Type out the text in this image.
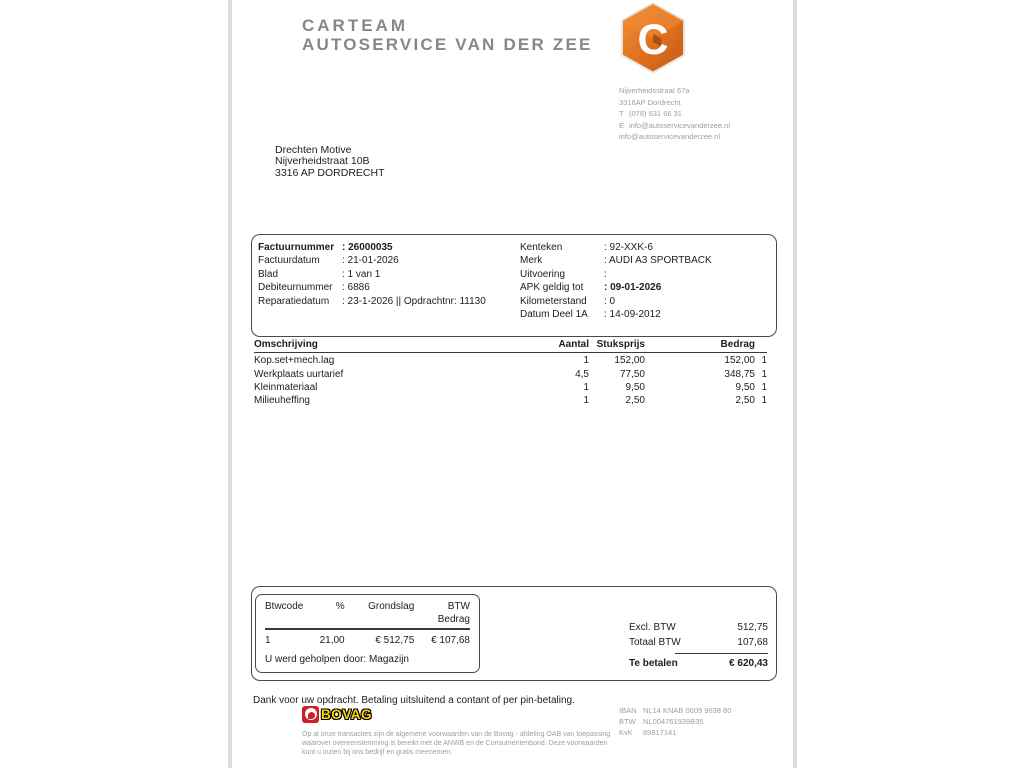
CARTEAM
AUTOSERVICE VAN DER ZEE C
Nijverheidsstraat 67a
3316AP Dordrecht
T (078) 631 66 31
E info@autoservicevanderzee.nl
info@autoservicevanderzee.nl
Drechten Motive
Nijverheidstraat 10B
3316 AP DORDRECHT
Factuurnummer : 26000035
Factuurdatum	: 21-01-2026
Blad	: 1 van 1
Debiteurnummer : 6886
Reparatiedatum	: 23-1-2026 || Opdrachtnr: 11130
Kenteken	: 92-XXK-6
Merk	: AUDI A3 SPORTBACK
Uitvoering	:
APK geldig tot	: 09-01-2026
Kilometerstand	: 0
Datum Deel 1A	: 14-09-2012
Omschrijving	Aantal Stuksprijs	Bedrag
Kop.set+mech.lag	1	152,00	152,00 1
Werkplaats uurtarief	4,5	77,50	348,75 1
Kleinmateriaal	1	9,50	9,50 1
Milieuheffing	1	2,50	2,50 1
Btwcode	%	Grondslag	BTW Bedrag
1	21,00	€ 512,75	€ 107,68
U werd geholpen door: Magazijn
Excl. BTW	512,75
Totaal BTW	107,68
Te betalen	€ 620,43
Dank voor uw opdracht. Betaling uitsluitend a contant of per pin-betaling.
BOVAG
Op al onze transacties zijn de algemene voorwaarden van de Bovag - afdeling OAB van toepassing waarover overeenstemming is bereikt met de ANWB en de Consumentenbond. Deze voorwaarden kunt u inzien bij ons bedrijf en gratis meenemen.
IBAN NL14 KNAB 0609 9638 80
BTW NL004761939B35
KvK	89817141
